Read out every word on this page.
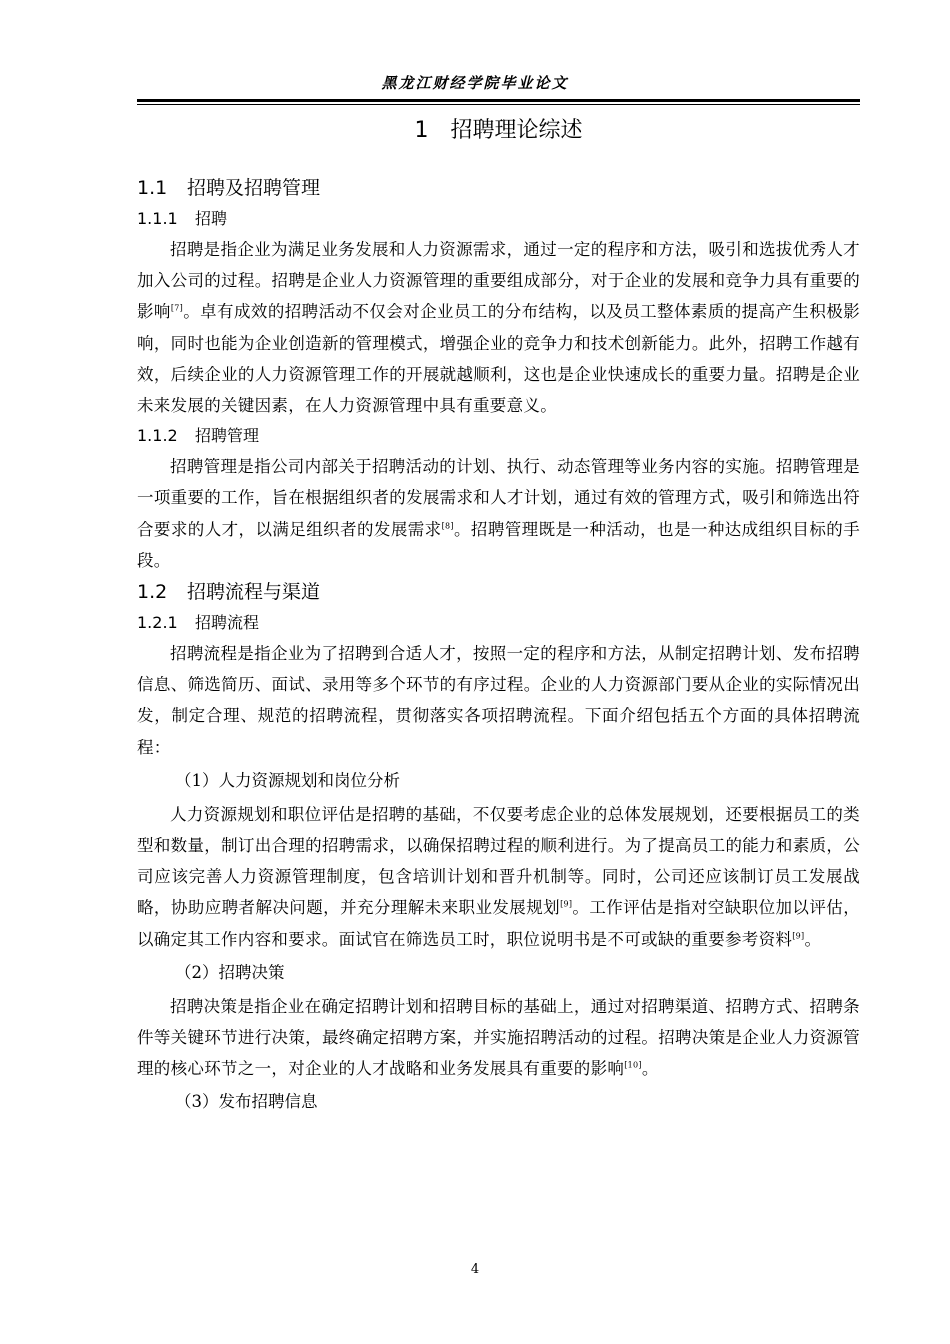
黑龙江财经学院毕业论文
1 招聘理论综述
1.1 招聘及招聘管理
1.1.1 招聘

招聘是指企业为满足业务发展和人力资源需求，通过一定的程序和方法，吸引和选拔优秀人才加入公司的过程。招聘是企业人力资源管理的重要组成部分，对于企业的发展和竞争力具有重要的影响[7]。卓有成效的招聘活动不仅会对企业员工的分布结构，以及员工整体素质的提高产生积极影响，同时也能为企业创造新的管理模式，增强企业的竞争力和技术创新能力。此外，招聘工作越有效，后续企业的人力资源管理工作的开展就越顺利，这也是企业快速成长的重要力量。招聘是企业未来发展的关键因素，在人力资源管理中具有重要意义。

1.1.2 招聘管理

招聘管理是指公司内部关于招聘活动的计划、执行、动态管理等业务内容的实施。招聘管理是一项重要的工作，旨在根据组织者的发展需求和人才计划，通过有效的管理方式，吸引和筛选出符合要求的人才，以满足组织者的发展需求[8]。招聘管理既是一种活动，也是一种达成组织目标的手段。

1.2 招聘流程与渠道
1.2.1 招聘流程

招聘流程是指企业为了招聘到合适人才，按照一定的程序和方法，从制定招聘计划、发布招聘信息、筛选简历、面试、录用等多个环节的有序过程。企业的人力资源部门要从企业的实际情况出发，制定合理、规范的招聘流程，贯彻落实各项招聘流程。下面介绍包括五个方面的具体招聘流程：

（1）人力资源规划和岗位分析

人力资源规划和职位评估是招聘的基础，不仅要考虑企业的总体发展规划，还要根据员工的类型和数量，制订出合理的招聘需求，以确保招聘过程的顺利进行。为了提高员工的能力和素质，公司应该完善人力资源管理制度，包含培训计划和晋升机制等。同时，公司还应该制订员工发展战略，协助应聘者解决问题，并充分理解未来职业发展规划[9]。工作评估是指对空缺职位加以评估，以确定其工作内容和要求。面试官在筛选员工时，职位说明书是不可或缺的重要参考资料[9]。

（2）招聘决策

招聘决策是指企业在确定招聘计划和招聘目标的基础上，通过对招聘渠道、招聘方式、招聘条件等关键环节进行决策，最终确定招聘方案，并实施招聘活动的过程。招聘决策是企业人力资源管理的核心环节之一，对企业的人才战略和业务发展具有重要的影响[10]。

（3）发布招聘信息
4
